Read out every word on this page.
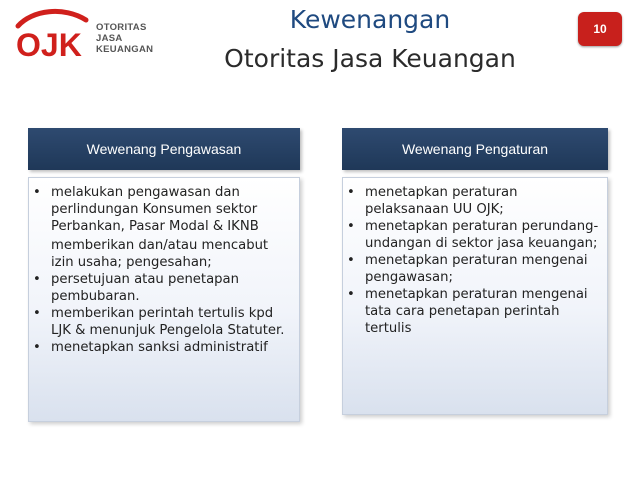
OJK OTORITAS
JASA
KEUANGAN
Kewenangan
Otoritas Jasa Keuangan
10
Wewenang Pengawasan
• melakukan pengawasan dan perlindungan Konsumen sektor Perbankan, Pasar Modal & IKNB
memberikan dan/atau mencabut izin usaha; pengesahan;
• persetujuan atau penetapan pembubaran.
• memberikan perintah tertulis kpd LJK & menunjuk Pengelola Statuter.
• menetapkan sanksi administratif
Wewenang Pengaturan
• menetapkan peraturan pelaksanaan UU OJK;
• menetapkan peraturan perundang-undangan di sektor jasa keuangan;
• menetapkan peraturan mengenai pengawasan;
• menetapkan peraturan mengenai tata cara penetapan perintah tertulis
